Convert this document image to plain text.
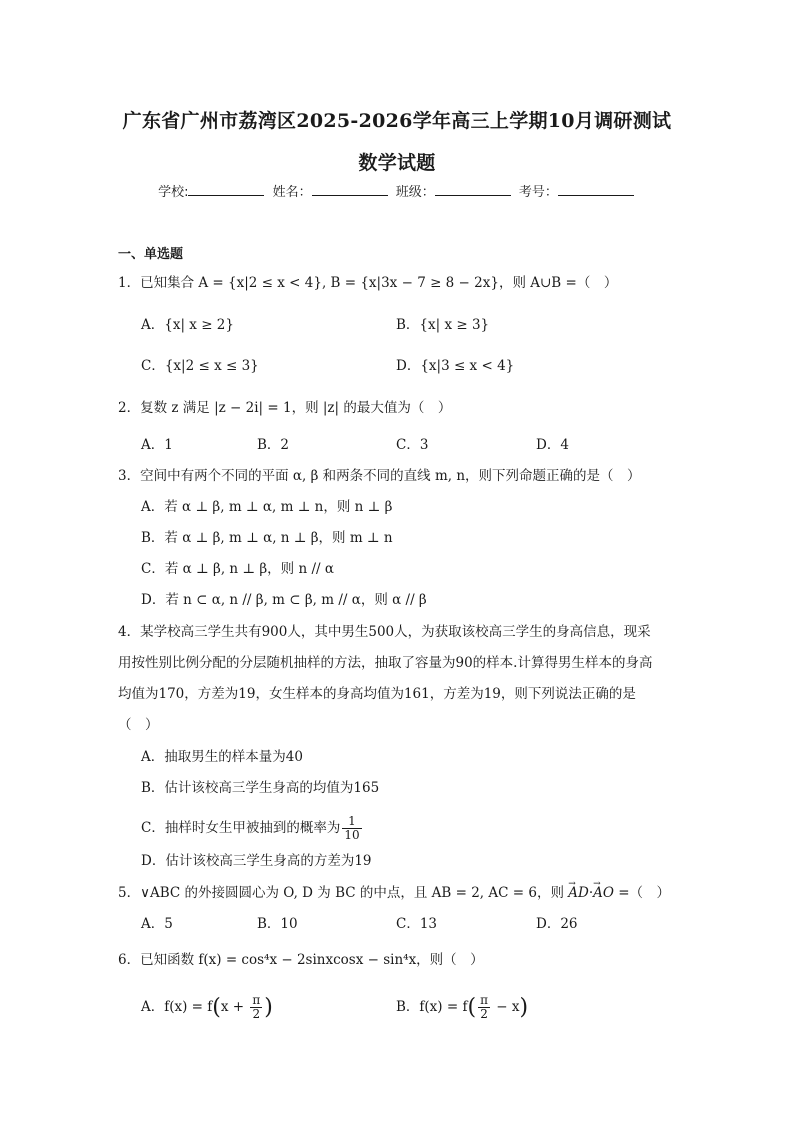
广东省广州市荔湾区2025-2026学年高三上学期10月调研测试
数学试题
学校:	姓名：	班级：	考号：
一、单选题
1．已知集合 A = {x|2 ≤ x < 4}, B = {x|3x − 7 ≥ 8 − 2x}，则 A∪B =（　）
A．{x| x ≥ 2}	B．{x| x ≥ 3}
C．{x|2 ≤ x ≤ 3}	D．{x|3 ≤ x < 4}
2．复数 z 满足 |z − 2i| = 1，则 |z| 的最大值为（　）
A．1	B．2	C．3	D．4
3．空间中有两个不同的平面 α, β 和两条不同的直线 m, n，则下列命题正确的是（　）
A．若 α ⊥ β, m ⊥ α, m ⊥ n，则 n ⊥ β
B．若 α ⊥ β, m ⊥ α, n ⊥ β，则 m ⊥ n
C．若 α ⊥ β, n ⊥ β，则 n // α
D．若 n ⊂ α, n // β, m ⊂ β, m // α，则 α // β
4．某学校高三学生共有900人，其中男生500人，为获取该校高三学生的身高信息，现采
用按性别比例分配的分层随机抽样的方法，抽取了容量为90的样本.计算得男生样本的身高
均值为170，方差为19，女生样本的身高均值为161，方差为19，则下列说法正确的是
（　）
A．抽取男生的样本量为40
B．估计该校高三学生身高的均值为165
C．抽样时女生甲被抽到的概率为 $\frac{1}{10}$
D．估计该校高三学生身高的方差为19
5．∨ABC 的外接圆圆心为 O, D 为 BC 的中点，且 AB = 2, AC = 6，则 → AD·→ AO =（　）
A．5	B．10	C．13	D．26
6．已知函数 f(x) = cos⁴x − 2sinxcosx − sin⁴x，则（　）
A．$f(x) = f(x + \frac{\pi}{2}$ )	B．$f(x) = f( \frac{\pi}{2} - x)$
